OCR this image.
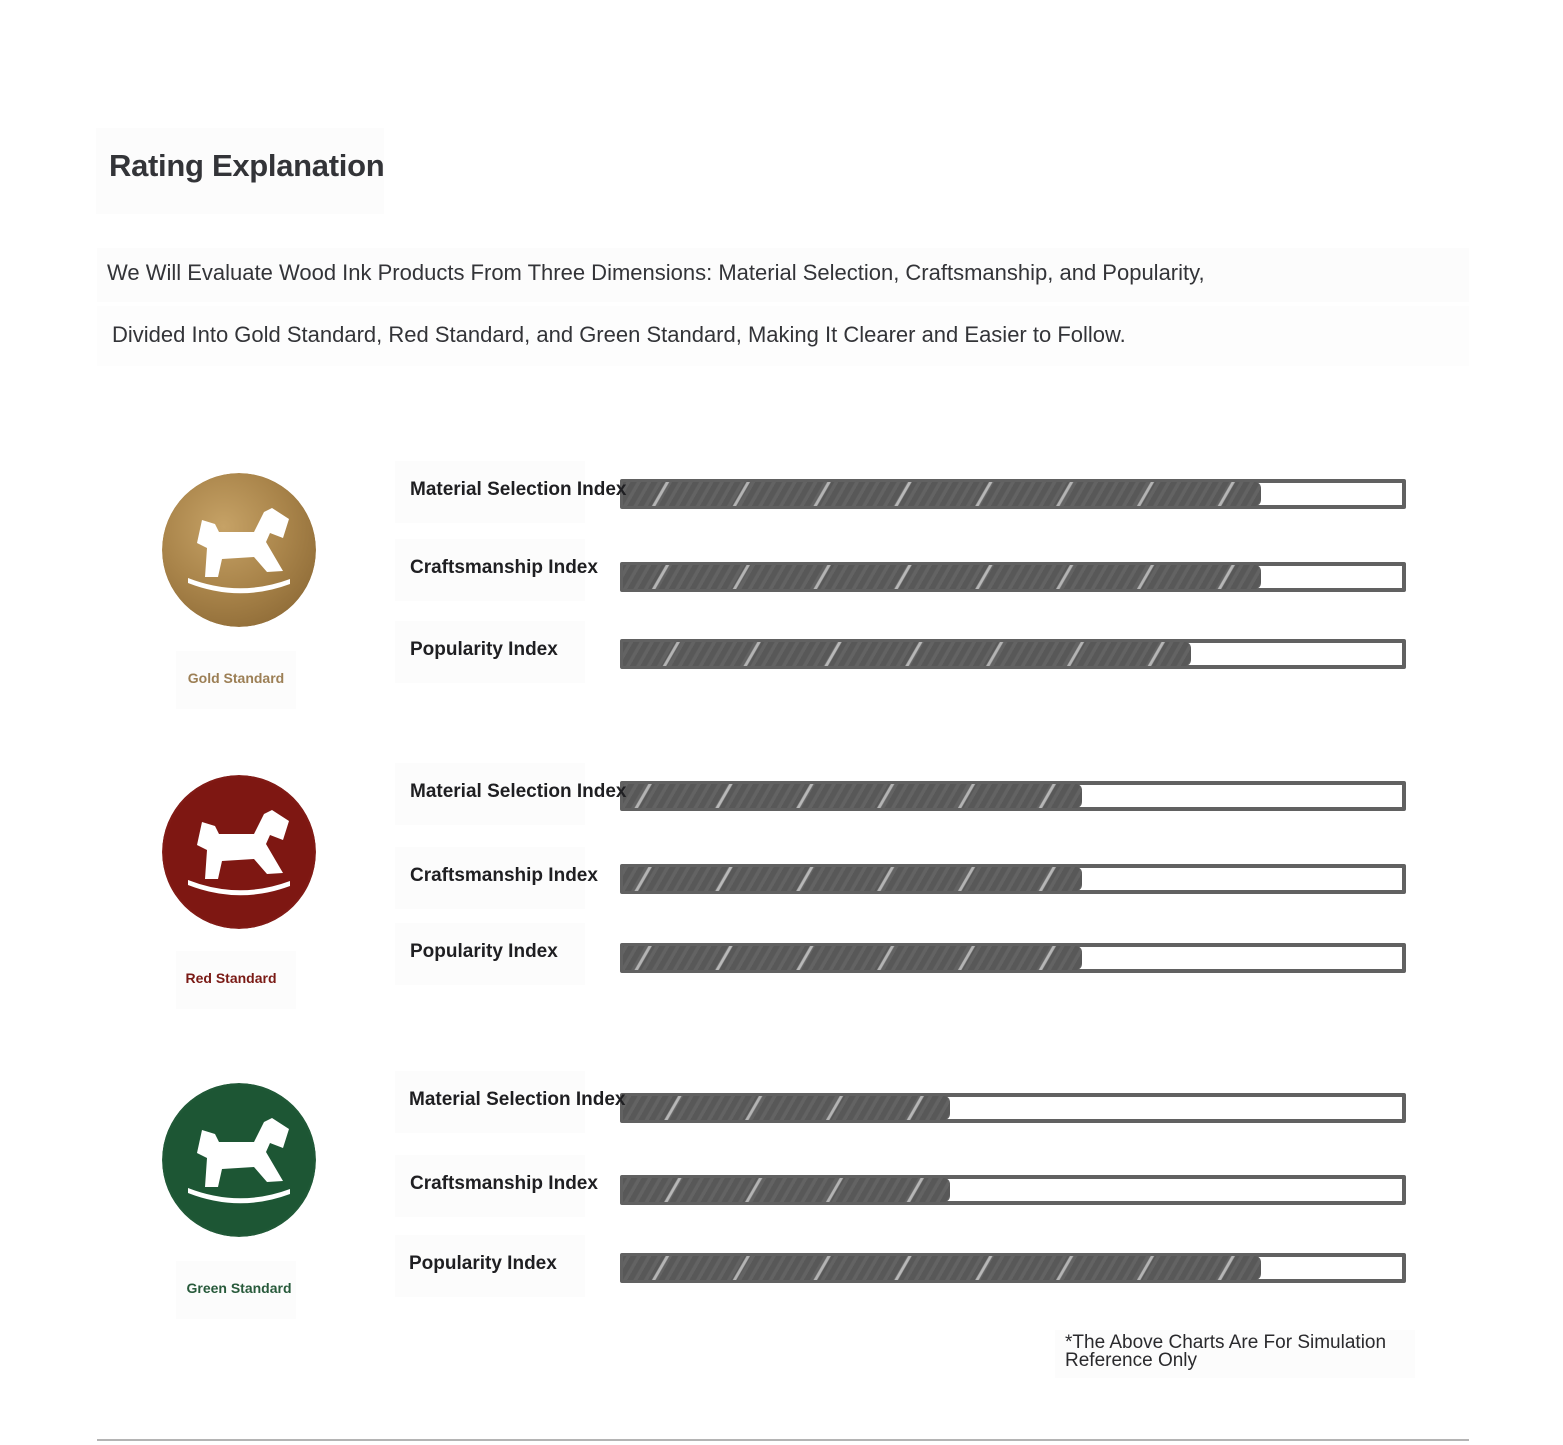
Rating Explanation
We Will Evaluate Wood Ink Products From Three Dimensions: Material Selection, Craftsmanship, and Popularity,
Divided Into Gold Standard, Red Standard, and Green Standard, Making It Clearer and Easier to Follow.
Gold Standard
Material Selection Index
Craftsmanship Index
Popularity Index
Red Standard
Material Selection Index
Craftsmanship Index
Popularity Index
Green Standard
Material Selection Index
Craftsmanship Index
Popularity Index

*The Above Charts Are For Simulation Reference Only
